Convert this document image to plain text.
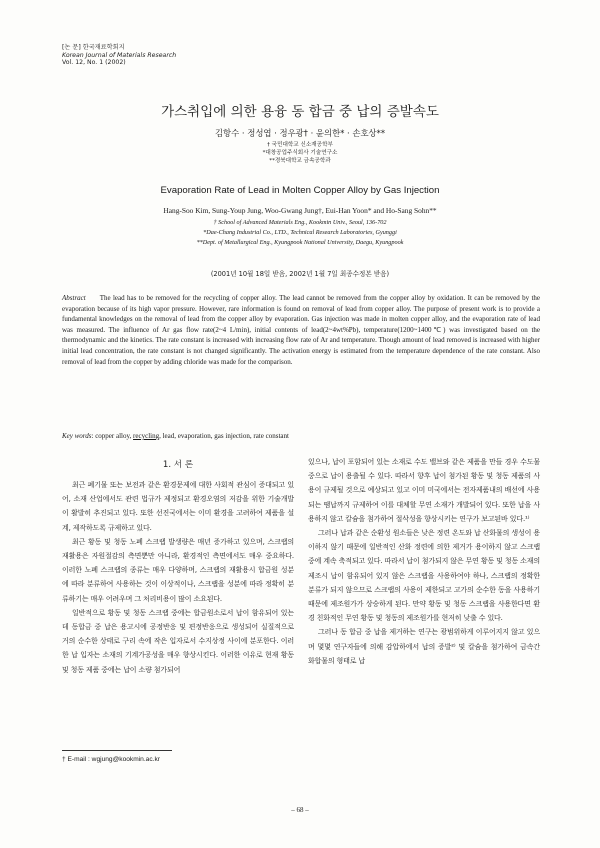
[논 문] 한국재료학회지
Korean Journal of Materials Research
Vol. 12, No. 1 (2002)
가스취입에 의한 용융 동 합금 중 납의 증발속도
김항수 · 정성엽 · 정우광† · 윤의한* · 손호상**
† 국민대학교 신소재공학부
*대창공업주식회사 기술연구소
**경북대학교 금속공학과
Evaporation Rate of Lead in Molten Copper Alloy by Gas Injection
Hang-Soo Kim, Sung-Youp Jung, Woo-Gwang Jung†, Eui-Han Yoon* and Ho-Sang Sohn**
† School of Advanced Materials Eng., Kookmin Univ., Seoul, 136-702
*Dae-Chang Industrial Co., LTD., Technical Research Laboratories, Gyunggi
**Dept. of Metallurgical Eng., Kyungpook National University, Daegu, Kyungpook
(2001년 10월 18일 받음, 2002년 1월 7일 최종수정본 받음)
Abstract The lead has to be removed for the recycling of copper alloy. The lead cannot be removed from the copper alloy by oxidation. It can be removed by the evaporation because of its high vapor pressure. However, rare information is found on removal of lead from copper alloy. The purpose of present work is to provide a fundamental knowledges on the removal of lead from the copper alloy by evaporation. Gas injection was made in molten copper alloy, and the evaporation rate of lead was measured. The influence of Ar gas flow rate(2~4 L/min), initial contents of lead(2~4wt%Pb), temperature(1200~1400℃) was investigated based on the thermodynamic and the kinetics. The rate constant is increased with increasing flow rate of Ar and temperature. Though amount of lead removed is increased with higher initial lead concentration, the rate constant is not changed significantly. The activation energy is estimated from the temperature dependence of the rate constant. Also removal of lead from the copper by adding chloride was made for the comparison.
Key words: copper alloy, recycling, lead, evaporation, gas injection, rate constant
1. 서 론

최근 폐기물 또는 보전과 같은 환경문제에 대한 사회적 관심이 증대되고 있어, 소재 산업에서도 관련 법규가 제정되고 환경오염의 저감을 위한 기술개발이 활발히 추진되고 있다. 또한 선진국에서는 이미 환경을 고려하여 제품을 설계, 제작하도록 규제하고 있다.

최근 황동 및 청동 노폐 스크랩 발생량은 매년 증가하고 있으며, 스크랩의 재활용은 자원절감의 측면뿐만 아니라, 환경적인 측면에서도 매우 중요하다. 이러한 노폐 스크랩의 종류는 매우 다양하며, 스크랩의 재활용시 합금원 성분에 따라 분류하여 사용하는 것이 이상적이나, 스크랩을 성분에 따라 정확히 분류하기는 매우 어려우며 그 처리비용이 많이 소요된다.

일반적으로 황동 및 청동 스크랩 중에는 합금원소로서 납이 함유되어 있는데 동합금 중 납은 용고시에 공정반응 및 편정반응으로 생성되어 실질적으로 거의 순수한 상태로 구리 속에 작은 입자로서 수지상정 사이에 분포한다. 이러한 납 입자는 소재의 기계가공성을 매우 향상시킨다. 이러한 이유로 현재 황동 및 청동 제품 중에는 납이 소량 첨가되어

있으나, 납이 포함되어 있는 소재로 수도 밸브와 같은 제품을 만들 경우 수도물 중으로 납이 용출될 수 있다. 따라서 향후 납이 첨가된 황동 및 청동 제품의 사용이 규제될 것으로 예상되고 있고 이미 미국에서는 전자제품내의 배선에 사용되는 땜납까지 규제하여 이를 대체할 무연 소재가 개발되어 있다. 또한 납을 사용하지 않고 칼슘을 첨가하여 절삭성을 향상시키는 연구가 보고된바 있다.¹⁾

그러나 납과 같은 순환성 원소들은 낮은 정련 온도와 납 산화물의 생성이 용이하지 않기 때문에 일반적인 산화 정련에 의한 제거가 용이하지 않고 스크랩 중에 계속 축적되고 있다. 따라서 납이 첨가되지 않은 무연 황동 및 청동 소재의 제조시 납이 함유되어 있지 않은 스크랩을 사용하여야 하나, 스크랩의 정확한 분류가 되지 않으므로 스크랩의 사용이 제한되고 고가의 순수한 동을 사용하기 때문에 제조원가가 상승하게 된다. 만약 황동 및 청동 스크랩을 사용한다면 환경 친화적인 무연 황동 및 청동의 제조원가를 현저히 낮출 수 있다.

그러나 동 합금 중 납을 제거하는 연구는 광범위하게 이루어지지 않고 있으며 몇몇 연구자들에 의해 감압하에서 납의 증발²⁾ 및 칼슘을 첨가하여 금속간 화합물의 형태로 납

† E-mail : wgjung@kookmin.ac.kr
– 68 –
